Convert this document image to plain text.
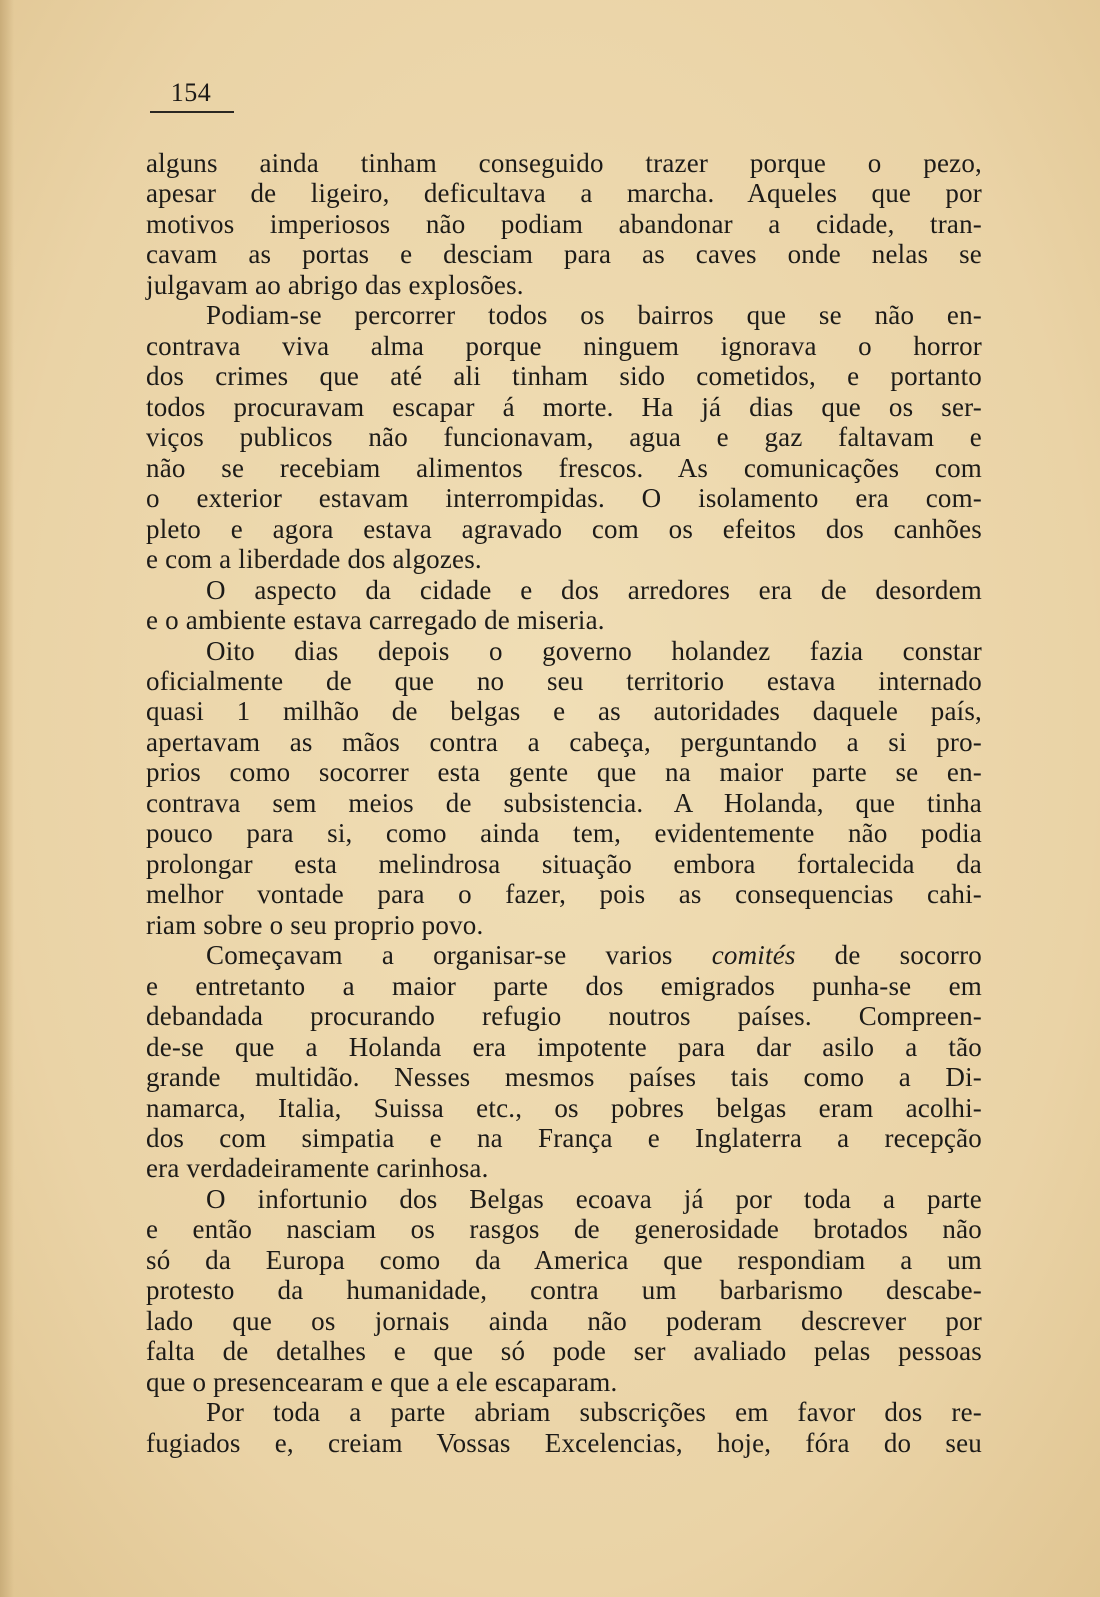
154
alguns ainda tinham conseguido trazer porque o pezo,
apesar de ligeiro, deficultava a marcha. Aqueles que por
motivos imperiosos não podiam abandonar a cidade, tran-
cavam as portas e desciam para as caves onde nelas se
julgavam ao abrigo das explosões.
Podiam-se percorrer todos os bairros que se não en-
contrava viva alma porque ninguem ignorava o horror
dos crimes que até ali tinham sido cometidos, e portanto
todos procuravam escapar á morte. Ha já dias que os ser-
viços publicos não funcionavam, agua e gaz faltavam e
não se recebiam alimentos frescos. As comunicações com
o exterior estavam interrompidas. O isolamento era com-
pleto e agora estava agravado com os efeitos dos canhões
e com a liberdade dos algozes.
O aspecto da cidade e dos arredores era de desordem
e o ambiente estava carregado de miseria.
Oito dias depois o governo holandez fazia constar
oficialmente de que no seu territorio estava internado
quasi 1 milhão de belgas e as autoridades daquele país,
apertavam as mãos contra a cabeça, perguntando a si pro-
prios como socorrer esta gente que na maior parte se en-
contrava sem meios de subsistencia. A Holanda, que tinha
pouco para si, como ainda tem, evidentemente não podia
prolongar esta melindrosa situação embora fortalecida da
melhor vontade para o fazer, pois as consequencias cahi-
riam sobre o seu proprio povo.
Começavam a organisar-se varios comités de socorro
e entretanto a maior parte dos emigrados punha-se em
debandada procurando refugio noutros países. Compreen-
de-se que a Holanda era impotente para dar asilo a tão
grande multidão. Nesses mesmos países tais como a Di-
namarca, Italia, Suissa etc., os pobres belgas eram acolhi-
dos com simpatia e na França e Inglaterra a recepção
era verdadeiramente carinhosa.
O infortunio dos Belgas ecoava já por toda a parte
e então nasciam os rasgos de generosidade brotados não
só da Europa como da America que respondiam a um
protesto da humanidade, contra um barbarismo descabe-
lado que os jornais ainda não poderam descrever por
falta de detalhes e que só pode ser avaliado pelas pessoas
que o presencearam e que a ele escaparam.
Por toda a parte abriam subscrições em favor dos re-
fugiados e, creiam Vossas Excelencias, hoje, fóra do seu
